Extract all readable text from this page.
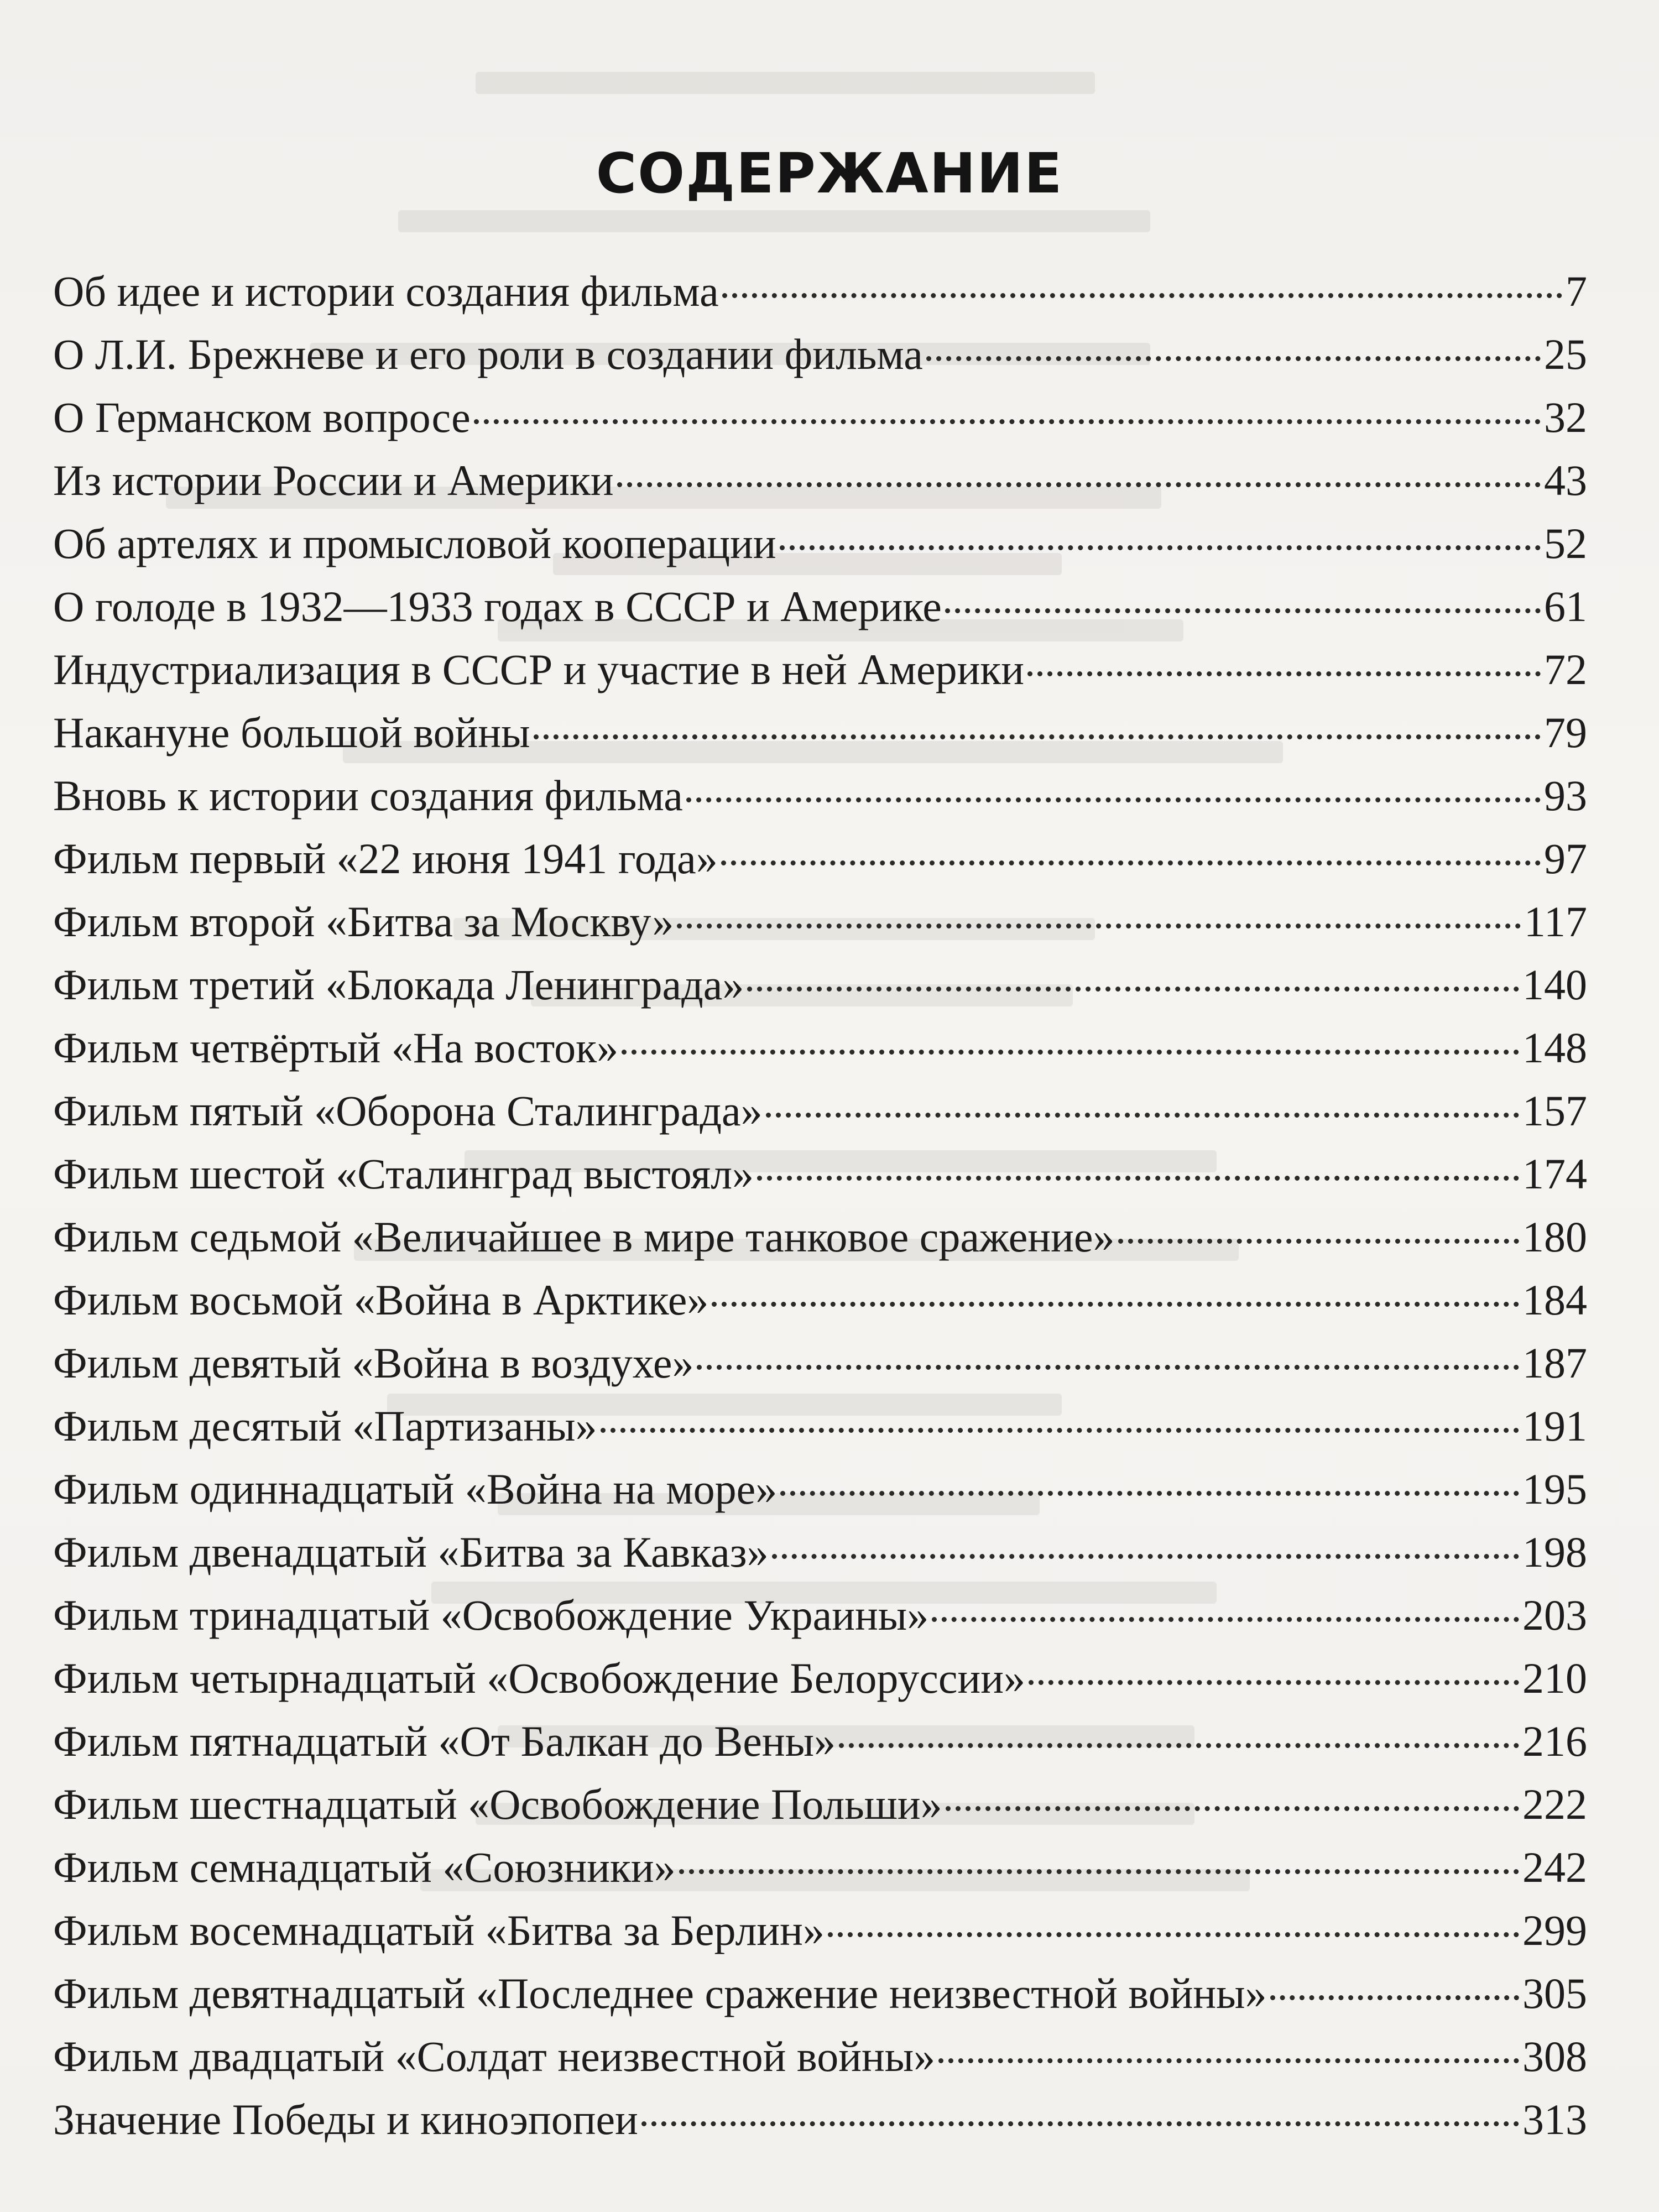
СОДЕРЖАНИЕ
Об идее и истории создания фильма	7
О Л.И. Брежневе и его роли в создании фильма	25
О Германском вопросе	32
Из истории России и Америки	43
Об артелях и промысловой кооперации	52
О голоде в 1932—1933 годах в СССР и Америке	61
Индустриализация в СССР и участие в ней Америки	72
Накануне большой войны	79
Вновь к истории создания фильма	93
Фильм первый «22 июня 1941 года»	97
Фильм второй «Битва за Москву»	117
Фильм третий «Блокада Ленинграда»	140
Фильм четвёртый «На восток»	148
Фильм пятый «Оборона Сталинграда»	157
Фильм шестой «Сталинград выстоял»	174
Фильм седьмой «Величайшее в мире танковое сражение»	180
Фильм восьмой «Война в Арктике»	184
Фильм девятый «Война в воздухе»	187
Фильм десятый «Партизаны»	191
Фильм одиннадцатый «Война на море»	195
Фильм двенадцатый «Битва за Кавказ»	198
Фильм тринадцатый «Освобождение Украины»	203
Фильм четырнадцатый «Освобождение Белоруссии»	210
Фильм пятнадцатый «От Балкан до Вены»	216
Фильм шестнадцатый «Освобождение Польши»	222
Фильм семнадцатый «Союзники»	242
Фильм восемнадцатый «Битва за Берлин»	299
Фильм девятнадцатый «Последнее сражение неизвестной войны»	305
Фильм двадцатый «Солдат неизвестной войны»	308
Значение Победы и киноэпопеи	313
